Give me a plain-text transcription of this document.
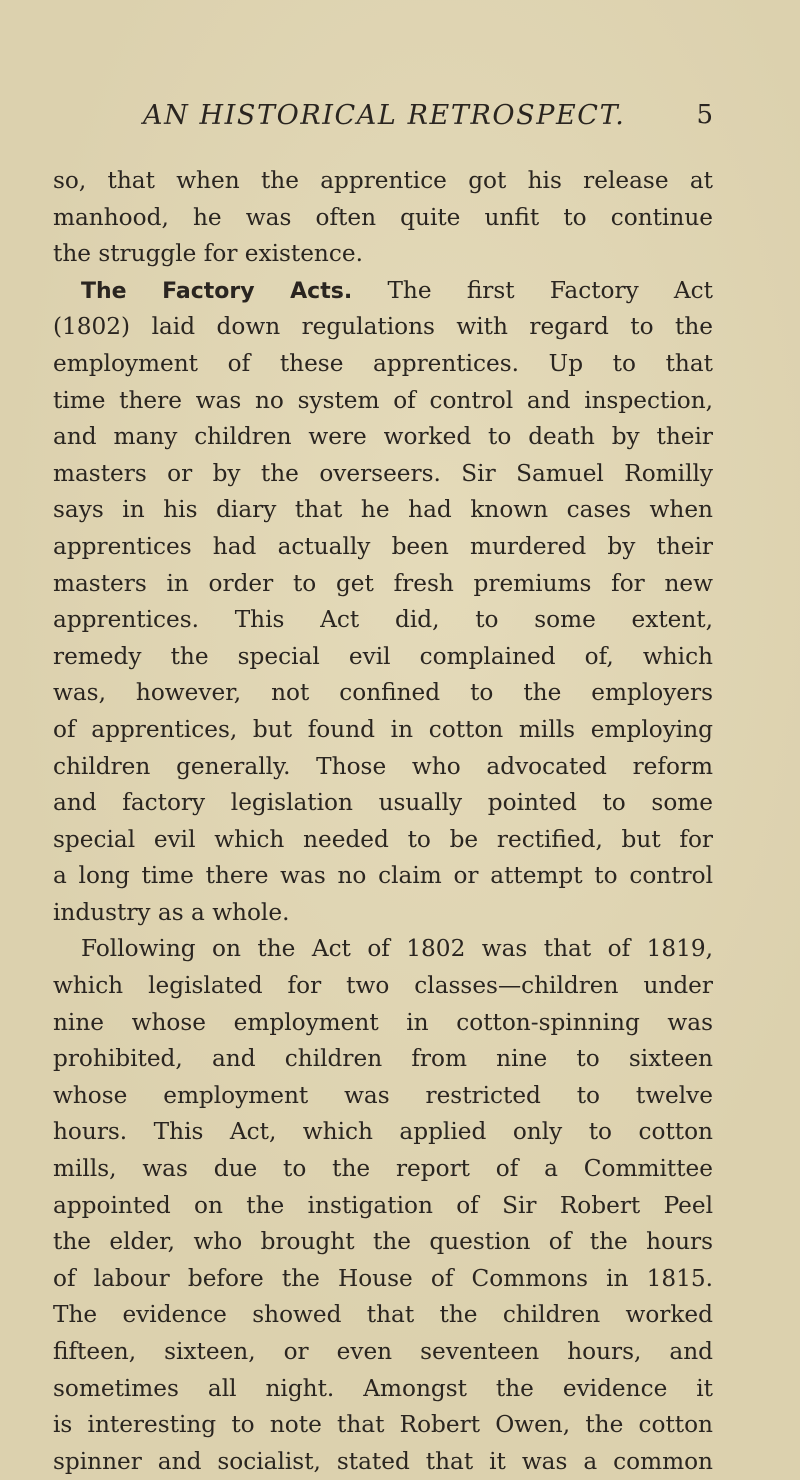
AN HISTORICAL RETROSPECT.	5
so, that when the apprentice got his release at
manhood, he was often quite unfit to continue
the struggle for existence.
The Factory Acts. The first Factory Act
(1802) laid down regulations with regard to the
employment of these apprentices. Up to that
time there was no system of control and inspection,
and many children were worked to death by their
masters or by the overseers. Sir Samuel Romilly
says in his diary that he had known cases when
apprentices had actually been murdered by their
masters in order to get fresh premiums for new
apprentices. This Act did, to some extent,
remedy the special evil complained of, which
was, however, not confined to the employers
of apprentices, but found in cotton mills employing
children generally. Those who advocated reform
and factory legislation usually pointed to some
special evil which needed to be rectified, but for
a long time there was no claim or attempt to control
industry as a whole.
Following on the Act of 1802 was that of 1819,
which legislated for two classes—children under
nine whose employment in cotton-spinning was
prohibited, and children from nine to sixteen
whose employment was restricted to twelve
hours. This Act, which applied only to cotton
mills, was due to the report of a Committee
appointed on the instigation of Sir Robert Peel
the elder, who brought the question of the hours
of labour before the House of Commons in 1815.
The evidence showed that the children worked
fifteen, sixteen, or even seventeen hours, and
sometimes all night. Amongst the evidence it
is interesting to note that Robert Owen, the cotton
spinner and socialist, stated that it was a common
